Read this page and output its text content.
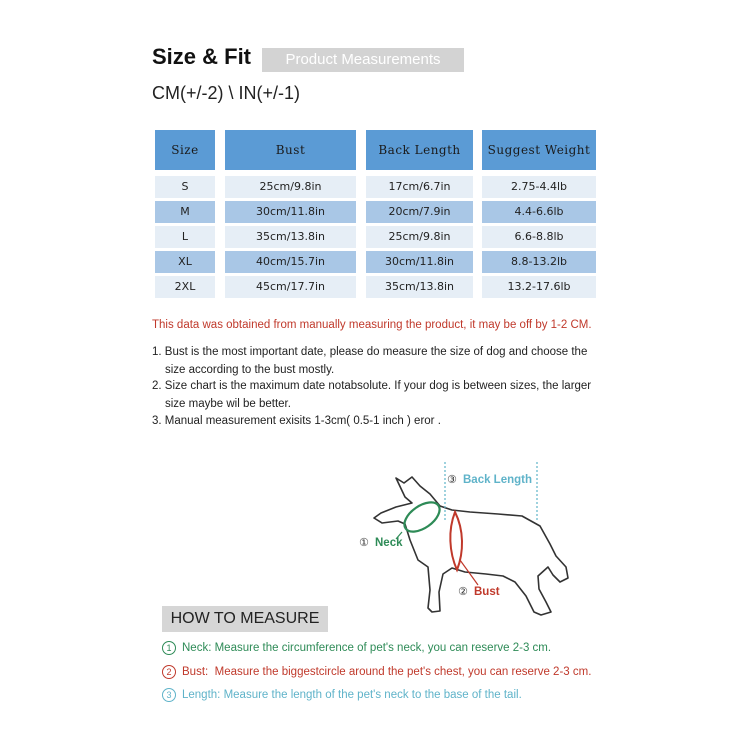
Size & Fit	Product Measurements
CM(+/-2) \ IN(+/-1)
Size
S
M
L
XL
2XL
Bust
25cm/9.8in
30cm/11.8in
35cm/13.8in
40cm/15.7in
45cm/17.7in
Back Length
17cm/6.7in
20cm/7.9in
25cm/9.8in
30cm/11.8in
35cm/13.8in
Suggest Weight
2.75-4.4lb
4.4-6.6lb
6.6-8.8lb
8.8-13.2lb
13.2-17.6lb
This data was obtained from manually measuring the product, it may be off by 1-2 CM.
1. Bust is the most important date, please do measure the size of dog and choose the
size according to the bust mostly.
2. Size chart is the maximum date notabsolute. If your dog is between sizes, the larger
size maybe wil be better.
3. Manual measurement exisits 1-3cm( 0.5-1 inch ) eror .
③ Back Length
① Neck
② Bust
HOW TO MEASURE
1 Neck: Measure the circumference of pet's neck, you can reserve 2-3 cm.
2 Bust: Measure the biggestcircle around the pet's chest, you can reserve 2-3 cm.
3 Length: Measure the length of the pet's neck to the base of the tail.
